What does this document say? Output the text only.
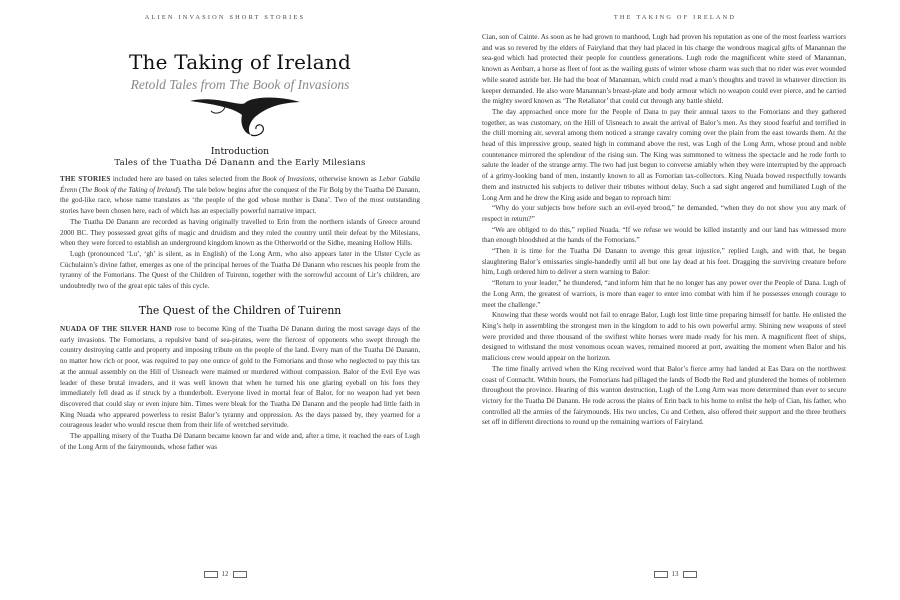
ALIEN INVASION SHORT STORIES
The Taking of Ireland
Retold Tales from The Book of Invasions
Introduction
Tales of the Tuatha Dé Danann and the Early Milesians

THE STORIES included here are based on tales selected from the Book of Invasions, otherwise known as Lebor Gabála Érenn (The Book of the Taking of Ireland). The tale below begins after the conquest of the Fir Bolg by the Tuatha Dé Danann, the god-like race, whose name translates as ‘the people of the god whose mother is Dana’. Two of the most outstanding stories have been chosen here, each of which has an especially powerful narrative impact.

The Tuatha Dé Danann are recorded as having originally travelled to Erin from the northern islands of Greece around 2000 BC. They possessed great gifts of magic and druidism and they ruled the country until their defeat by the Milesians, when they were forced to establish an underground kingdom known as the Otherworld or the Sidhe, meaning Hollow Hills.

Lugh (pronounced ‘Lu’, ‘gh’ is silent, as in English) of the Long Arm, who also appears later in the Ulster Cycle as Cúchulainn’s divine father, emerges as one of the principal heroes of the Tuatha Dé Danann who rescues his people from the tyranny of the Fomorians. The Quest of the Children of Tuirenn, together with the sorrowful account of Lir’s children, are undoubtedly two of the great epic tales of this cycle.

The Quest of the Children of Tuirenn

NUADA OF THE SILVER HAND rose to become King of the Tuatha Dé Danann during the most savage days of the early invasions. The Fomorians, a repulsive band of sea-pirates, were the fiercest of opponents who swept through the country destroying cattle and property and imposing tribute on the people of the land. Every man of the Tuatha Dé Danann, no matter how rich or poor, was required to pay one ounce of gold to the Fomorians and those who neglected to pay this tax at the annual assembly on the Hill of Uisneach were maimed or murdered without compassion. Balor of the Evil Eye was leader of these brutal invaders, and it was well known that when he turned his one glaring eyeball on his foes they immediately fell dead as if struck by a thunderbolt. Everyone lived in mortal fear of Balor, for no weapon had yet been discovered that could slay or even injure him. Times were bleak for the Tuatha Dé Danann and the people had little faith in King Nuada who appeared powerless to resist Balor’s tyranny and oppression. As the days passed by, they yearned for a courageous leader who would rescue them from their life of wretched servitude.

The appalling misery of the Tuatha Dé Danann became known far and wide and, after a time, it reached the ears of Lugh of the Long Arm of the fairymounds, whose father was

12
THE TAKING OF IRELAND

Cian, son of Cainte. As soon as he had grown to manhood, Lugh had proven his reputation as one of the most fearless warriors and was so revered by the elders of Fairyland that they had placed in his charge the wondrous magical gifts of Manannan the sea-god which had protected their people for countless generations. Lugh rode the magnificent white steed of Manannan, known as Aenbarr, a horse as fleet of foot as the wailing gusts of winter whose charm was such that no rider was ever wounded while seated astride her. He had the boat of Manannan, which could read a man’s thoughts and travel in whatever direction its keeper demanded. He also wore Manannan’s breast-plate and body armour which no weapon could ever pierce, and he carried the mighty sword known as ‘The Retaliator’ that could cut through any battle shield.

The day approached once more for the People of Dana to pay their annual taxes to the Fomorians and they gathered together, as was customary, on the Hill of Uisneach to await the arrival of Balor’s men. As they stood fearful and terrified in the chill morning air, several among them noticed a strange cavalry coming over the plain from the east towards them. At the head of this impressive group, seated high in command above the rest, was Lugh of the Long Arm, whose proud and noble countenance mirrored the splendour of the rising sun. The King was summoned to witness the spectacle and he rode forth to salute the leader of the strange army. The two had just begun to converse amiably when they were interrupted by the approach of a grimy-looking band of men, instantly known to all as Fomorian tax-collectors. King Nuada bowed respectfully towards them and instructed his subjects to deliver their tributes without delay. Such a sad sight angered and humiliated Lugh of the Long Arm and he drew the King aside and began to reproach him:

“Why do your subjects bow before such an evil-eyed brood,” he demanded, “when they do not show you any mark of respect in return?”

“We are obliged to do this,” replied Nuada. “If we refuse we would be killed instantly and our land has witnessed more than enough bloodshed at the hands of the Fomorians.”

“Then it is time for the Tuatha Dé Danann to avenge this great injustice,” replied Lugh, and with that, he began slaughtering Balor’s emissaries single-handedly until all but one lay dead at his feet. Dragging the surviving creature before him, Lugh ordered him to deliver a stern warning to Balor:

“Return to your leader,” he thundered, “and inform him that he no longer has any power over the People of Dana. Lugh of the Long Arm, the greatest of warriors, is more than eager to enter into combat with him if he possesses enough courage to meet the challenge.”

Knowing that these words would not fail to enrage Balor, Lugh lost little time preparing himself for battle. He enlisted the King’s help in assembling the strongest men in the kingdom to add to his own powerful army. Shining new weapons of steel were provided and three thousand of the swiftest white horses were made ready for his men. A magnificent fleet of ships, designed to withstand the most venomous ocean waves, remained moored at port, awaiting the moment when Balor and his malicious crew would appear on the horizon.

The time finally arrived when the King received word that Balor’s fierce army had landed at Eas Dara on the northwest coast of Connacht. Within hours, the Fomorians had pillaged the lands of Bodb the Red and plundered the homes of noblemen throughout the province. Hearing of this wanton destruction, Lugh of the Long Arm was more determined than ever to secure victory for the Tuatha Dé Danann. He rode across the plains of Erin back to his home to enlist the help of Cian, his father, who controlled all the armies of the fairymounds. His two uncles, Cu and Cethen, also offered their support and the three brothers set off in different directions to round up the remaining warriors of Fairyland.

13
